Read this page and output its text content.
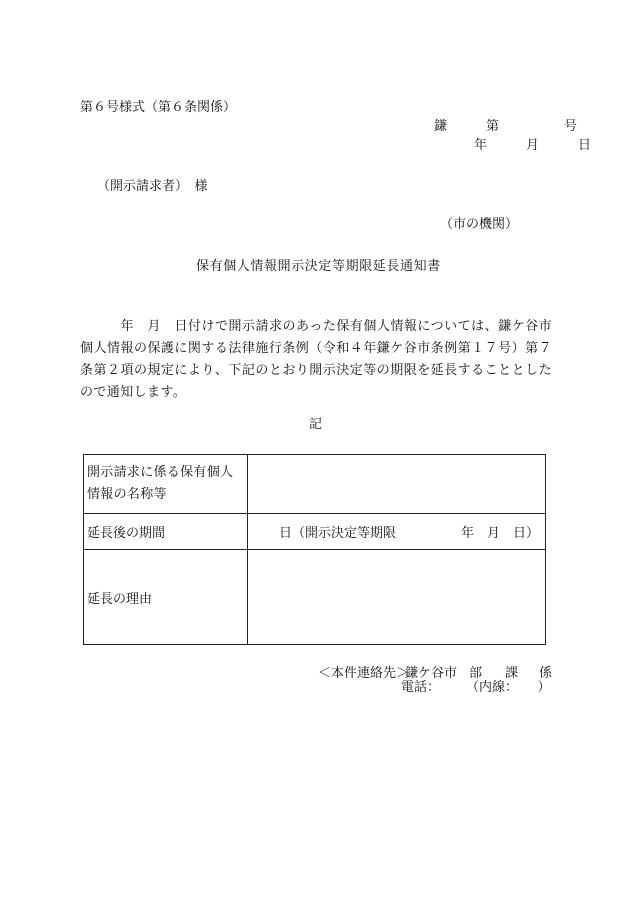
第６号様式（第６条関係）
鎌　第　　号
年　月　日
（開示請求者）　様
（市の機関）
保有個人情報開示決定等期限延長通知書
　　　年　月　日付けで開示請求のあった保有個人情報については、鎌ケ谷市個人情報の保護に関する法律施行条例（令和４年鎌ケ谷市条例第１７号）第７条第２項の規定により、下記のとおり開示決定等の期限を延長することとしたので通知します。
記
開示請求に係る保有個人
情報の名称等	

延長後の期間	日（開示決定等期限　　　　　年　月　日）
延長の理由	
＜本件連絡先＞
鎌ケ谷市 部 課 係
電話： （内線：　　）
